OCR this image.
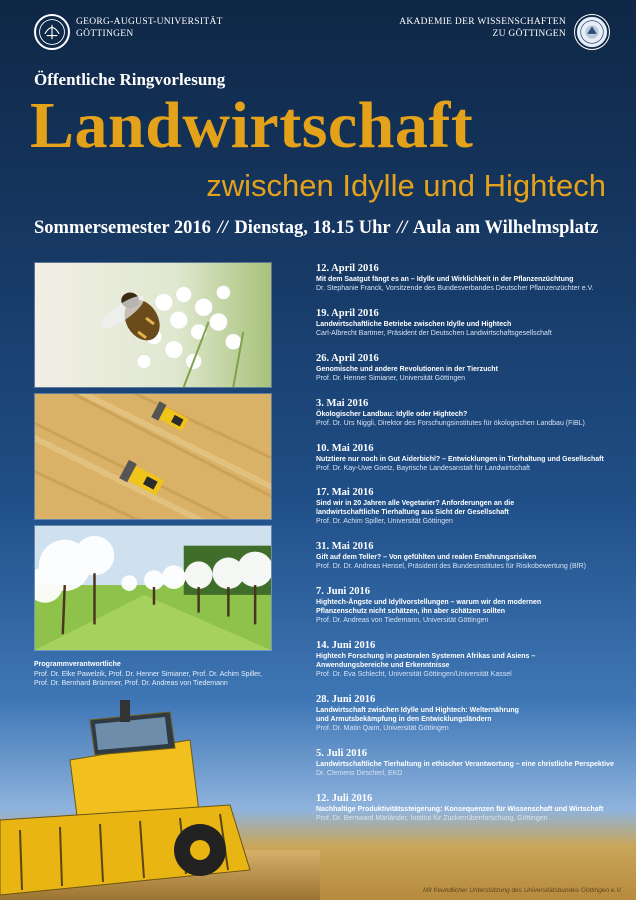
GEORG-AUGUST-UNIVERSITÄT
GÖTTINGEN
AKADEMIE DER WISSENSCHAFTEN
ZU GÖTTINGEN
Öffentliche Ringvorlesung
Landwirtschaft
zwischen Idylle und Hightech
Sommersemester 2016 // Dienstag, 18.15 Uhr // Aula am Wilhelmsplatz
Programmverantwortliche
Prof. Dr. Elke Pawelzik, Prof. Dr. Henner Simianer, Prof. Dr. Achim Spiller,
Prof. Dr. Bernhard Brümmer, Prof. Dr. Andreas von Tiedemann
12. April 2016
Mit dem Saatgut fängt es an – Idylle und Wirklichkeit in der Pflanzenzüchtung
Dr. Stephanie Franck, Vorsitzende des Bundesverbandes Deutscher Pflanzenzüchter e.V.
19. April 2016
Landwirtschaftliche Betriebe zwischen Idylle und Hightech
Carl-Albrecht Bartmer, Präsident der Deutschen Landwirtschaftsgesellschaft
26. April 2016
Genomische und andere Revolutionen in der Tierzucht
Prof. Dr. Henner Simianer, Universität Göttingen
3. Mai 2016
Ökologischer Landbau: Idylle oder Hightech?
Prof. Dr. Urs Niggli, Direktor des Forschungsinstitutes für ökologischen Landbau (FiBL)
10. Mai 2016
Nutztiere nur noch in Gut Aiderbichl? – Entwicklungen in Tierhaltung und Gesellschaft
Prof. Dr. Kay-Uwe Goetz, Bayrische Landesanstalt für Landwirtschaft
17. Mai 2016
Sind wir in 20 Jahren alle Vegetarier? Anforderungen an die
landwirtschaftliche Tierhaltung aus Sicht der Gesellschaft
Prof. Dr. Achim Spiller, Universität Göttingen
31. Mai 2016
Gift auf dem Teller? – Von gefühlten und realen Ernährungsrisiken
Prof. Dr. Dr. Andreas Hensel, Präsident des Bundesinstitutes für Risikobewertung (BfR)
7. Juni 2016
Hightech-Ängste und Idyllvorstellungen – warum wir den modernen
Pflanzenschutz nicht schätzen, ihn aber schätzen sollten
Prof. Dr. Andreas von Tiedemann, Universität Göttingen
14. Juni 2016
Hightech Forschung in pastoralen Systemen Afrikas und Asiens –
Anwendungsbereiche und Erkenntnisse
Prof. Dr. Eva Schlecht, Universität Göttingen/Universität Kassel
28. Juni 2016
Landwirtschaft zwischen Idylle und Hightech: Welternährung
und Armutsbekämpfung in den Entwicklungsländern
Prof. Dr. Matin Qaim, Universität Göttingen
5. Juli 2016
Landwirtschaftliche Tierhaltung in ethischer Verantwortung – eine christliche Perspektive
Dr. Clemens Dirscherl, EKD
12. Juli 2016
Nachhaltige Produktivitätssteigerung: Konsequenzen für Wissenschaft und Wirtschaft
Prof. Dr. Bernward Märländer, Institut für Zuckerrübenforschung, Göttingen
Mit freundlicher Unterstützung des Universitätsbundes Göttingen e.V.
